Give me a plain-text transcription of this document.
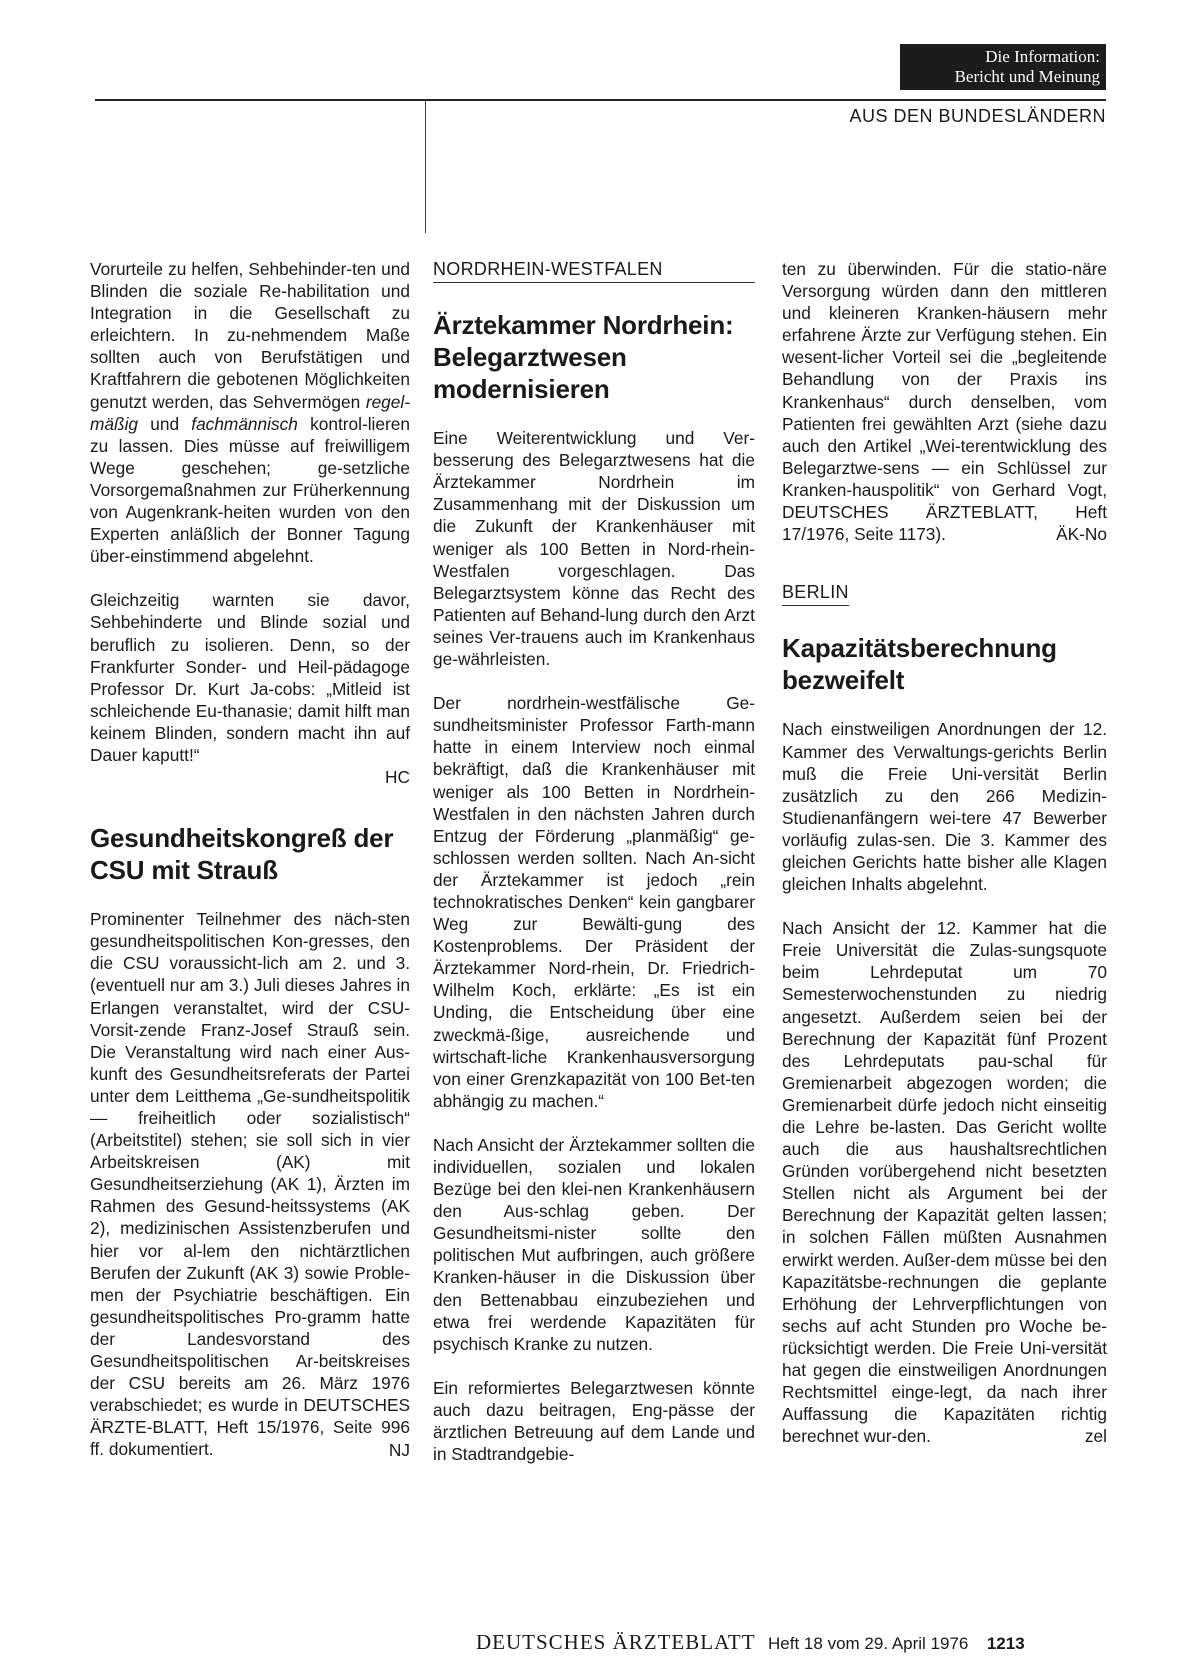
Die Information:
Bericht und Meinung
AUS DEN BUNDESLÄNDERN

Vorurteile zu helfen, Sehbehinder-ten und Blinden die soziale Re-habilitation und Integration in die Gesellschaft zu erleichtern. In zu-nehmendem Maße sollten auch von Berufstätigen und Kraftfahrern die gebotenen Möglichkeiten genutzt werden, das Sehvermögen regel-mäßig und fachmännisch kontrol-lieren zu lassen. Dies müsse auf freiwilligem Wege geschehen; ge-setzliche Vorsorgemaßnahmen zur Früherkennung von Augenkrank-heiten wurden von den Experten anläßlich der Bonner Tagung über-einstimmend abgelehnt.

Gleichzeitig warnten sie davor, Sehbehinderte und Blinde sozial und beruflich zu isolieren. Denn, so der Frankfurter Sonder- und Heil-pädagoge Professor Dr. Kurt Ja-cobs: „Mitleid ist schleichende Eu-thanasie; damit hilft man keinem Blinden, sondern macht ihn auf Dauer kaputt!“
HC

Gesundheitskongreß der CSU mit Strauß

Prominenter Teilnehmer des näch-sten gesundheitspolitischen Kon-gresses, den die CSU voraussicht-lich am 2. und 3. (eventuell nur am 3.) Juli dieses Jahres in Erlangen veranstaltet, wird der CSU-Vorsit-zende Franz-Josef Strauß sein. Die Veranstaltung wird nach einer Aus-kunft des Gesundheitsreferats der Partei unter dem Leitthema „Ge-sundheitspolitik — freiheitlich oder sozialistisch“ (Arbeitstitel) stehen; sie soll sich in vier Arbeitskreisen (AK) mit Gesundheitserziehung (AK 1), Ärzten im Rahmen des Gesund-heitssystems (AK 2), medizinischen Assistenzberufen und hier vor al-lem den nichtärztlichen Berufen der Zukunft (AK 3) sowie Proble-men der Psychiatrie beschäftigen. Ein gesundheitspolitisches Pro-gramm hatte der Landesvorstand des Gesundheitspolitischen Ar-beitskreises der CSU bereits am 26. März 1976 verabschiedet; es wurde in DEUTSCHES ÄRZTE-BLATT, Heft 15/1976, Seite 996 ff. dokumentiert.	NJ

NORDRHEIN-WESTFALEN
Ärztekammer Nordrhein: Belegarztwesen modernisieren

Eine Weiterentwicklung und Ver-besserung des Belegarztwesens hat die Ärztekammer Nordrhein im Zusammenhang mit der Diskussion um die Zukunft der Krankenhäuser mit weniger als 100 Betten in Nord-rhein-Westfalen vorgeschlagen. Das Belegarztsystem könne das Recht des Patienten auf Behand-lung durch den Arzt seines Ver-trauens auch im Krankenhaus ge-währleisten.

Der nordrhein-westfälische Ge-sundheitsminister Professor Farth-mann hatte in einem Interview noch einmal bekräftigt, daß die Krankenhäuser mit weniger als 100 Betten in Nordrhein-Westfalen in den nächsten Jahren durch Entzug der Förderung „planmäßig“ ge-schlossen werden sollten. Nach An-sicht der Ärztekammer ist jedoch „rein technokratisches Denken“ kein gangbarer Weg zur Bewälti-gung des Kostenproblems. Der Präsident der Ärztekammer Nord-rhein, Dr. Friedrich-Wilhelm Koch, erklärte: „Es ist ein Unding, die Entscheidung über eine zweckmä-ßige, ausreichende und wirtschaft-liche Krankenhausversorgung von einer Grenzkapazität von 100 Bet-ten abhängig zu machen.“

Nach Ansicht der Ärztekammer sollten die individuellen, sozialen und lokalen Bezüge bei den klei-nen Krankenhäusern den Aus-schlag geben. Der Gesundheitsmi-nister sollte den politischen Mut aufbringen, auch größere Kranken-häuser in die Diskussion über den Bettenabbau einzubeziehen und etwa frei werdende Kapazitäten für psychisch Kranke zu nutzen.

Ein reformiertes Belegarztwesen könnte auch dazu beitragen, Eng-pässe der ärztlichen Betreuung auf dem Lande und in Stadtrandgebie-

ten zu überwinden. Für die statio-näre Versorgung würden dann den mittleren und kleineren Kranken-häusern mehr erfahrene Ärzte zur Verfügung stehen. Ein wesent-licher Vorteil sei die „begleitende Behandlung von der Praxis ins Krankenhaus“ durch denselben, vom Patienten frei gewählten Arzt (siehe dazu auch den Artikel „Wei-terentwicklung des Belegarztwe-sens — ein Schlüssel zur Kranken-hauspolitik“ von Gerhard Vogt, DEUTSCHES ÄRZTEBLATT, Heft 17/1976, Seite 1173).	ÄK-No

BERLIN
Kapazitätsberechnung bezweifelt

Nach einstweiligen Anordnungen der 12. Kammer des Verwaltungs-gerichts Berlin muß die Freie Uni-versität Berlin zusätzlich zu den 266 Medizin-Studienanfängern wei-tere 47 Bewerber vorläufig zulas-sen. Die 3. Kammer des gleichen Gerichts hatte bisher alle Klagen gleichen Inhalts abgelehnt.

Nach Ansicht der 12. Kammer hat die Freie Universität die Zulas-sungsquote beim Lehrdeputat um 70 Semesterwochenstunden zu niedrig angesetzt. Außerdem seien bei der Berechnung der Kapazität fünf Prozent des Lehrdeputats pau-schal für Gremienarbeit abgezogen worden; die Gremienarbeit dürfe jedoch nicht einseitig die Lehre be-lasten. Das Gericht wollte auch die aus haushaltsrechtlichen Gründen vorübergehend nicht besetzten Stellen nicht als Argument bei der Berechnung der Kapazität gelten lassen; in solchen Fällen müßten Ausnahmen erwirkt werden. Außer-dem müsse bei den Kapazitätsbe-rechnungen die geplante Erhöhung der Lehrverpflichtungen von sechs auf acht Stunden pro Woche be-rücksichtigt werden. Die Freie Uni-versität hat gegen die einstweiligen Anordnungen Rechtsmittel einge-legt, da nach ihrer Auffassung die Kapazitäten richtig berechnet wur-den.	zel

DEUTSCHES ÄRZTEBLATT Heft 18 vom 29. April 1976 1213
